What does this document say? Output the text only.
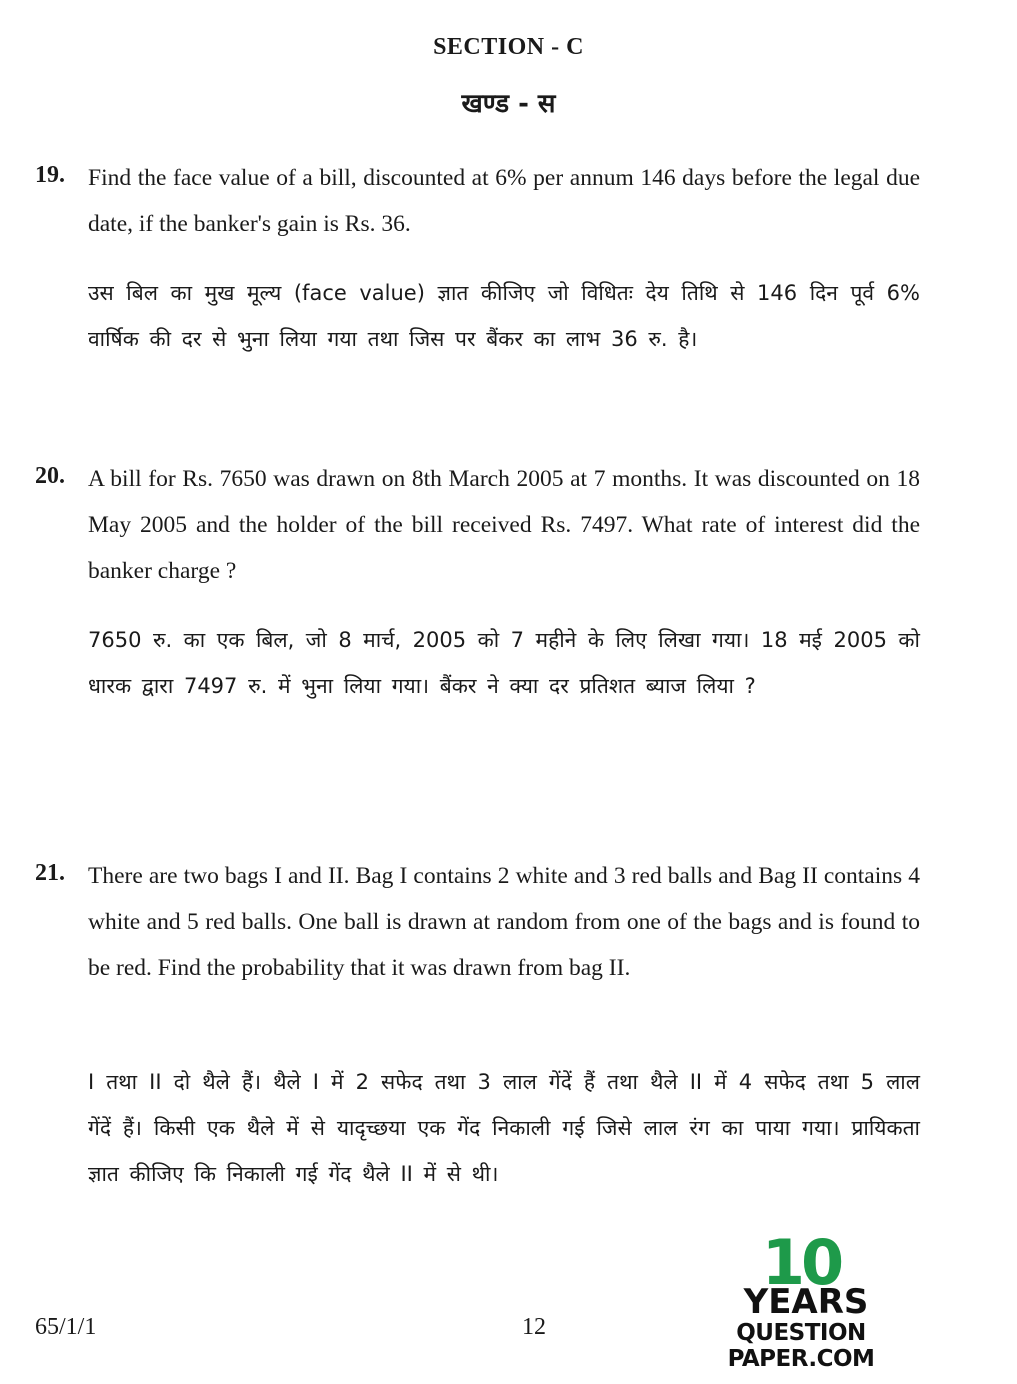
SECTION - C
खण्ड - स
19. Find the face value of a bill, discounted at 6% per annum 146 days before the legal due date, if the banker's gain is Rs. 36.
उस बिल का मुख मूल्य (face value) ज्ञात कीजिए जो विधितः देय तिथि से 146 दिन पूर्व 6% वार्षिक की दर से भुना लिया गया तथा जिस पर बैंकर का लाभ 36 रु. है।
20. A bill for Rs. 7650 was drawn on 8th March 2005 at 7 months. It was discounted on 18 May 2005 and the holder of the bill received Rs. 7497. What rate of interest did the banker charge ?
7650 रु. का एक बिल, जो 8 मार्च, 2005 को 7 महीने के लिए लिखा गया। 18 मई 2005 को धारक द्वारा 7497 रु. में भुना लिया गया। बैंकर ने क्या दर प्रतिशत ब्याज लिया ?
21. There are two bags I and II. Bag I contains 2 white and 3 red balls and Bag II contains 4 white and 5 red balls. One ball is drawn at random from one of the bags and is found to be red. Find the probability that it was drawn from bag II.
I तथा II दो थैले हैं। थैले I में 2 सफेद तथा 3 लाल गेंदें हैं तथा थैले II में 4 सफेद तथा 5 लाल गेंदें हैं। किसी एक थैले में से यादृच्छया एक गेंद निकाली गई जिसे लाल रंग का पाया गया। प्रायिकता ज्ञात कीजिए कि निकाली गई गेंद थैले II में से थी।
65/1/1	12
10
YEARS
QUESTION PAPER.COM
